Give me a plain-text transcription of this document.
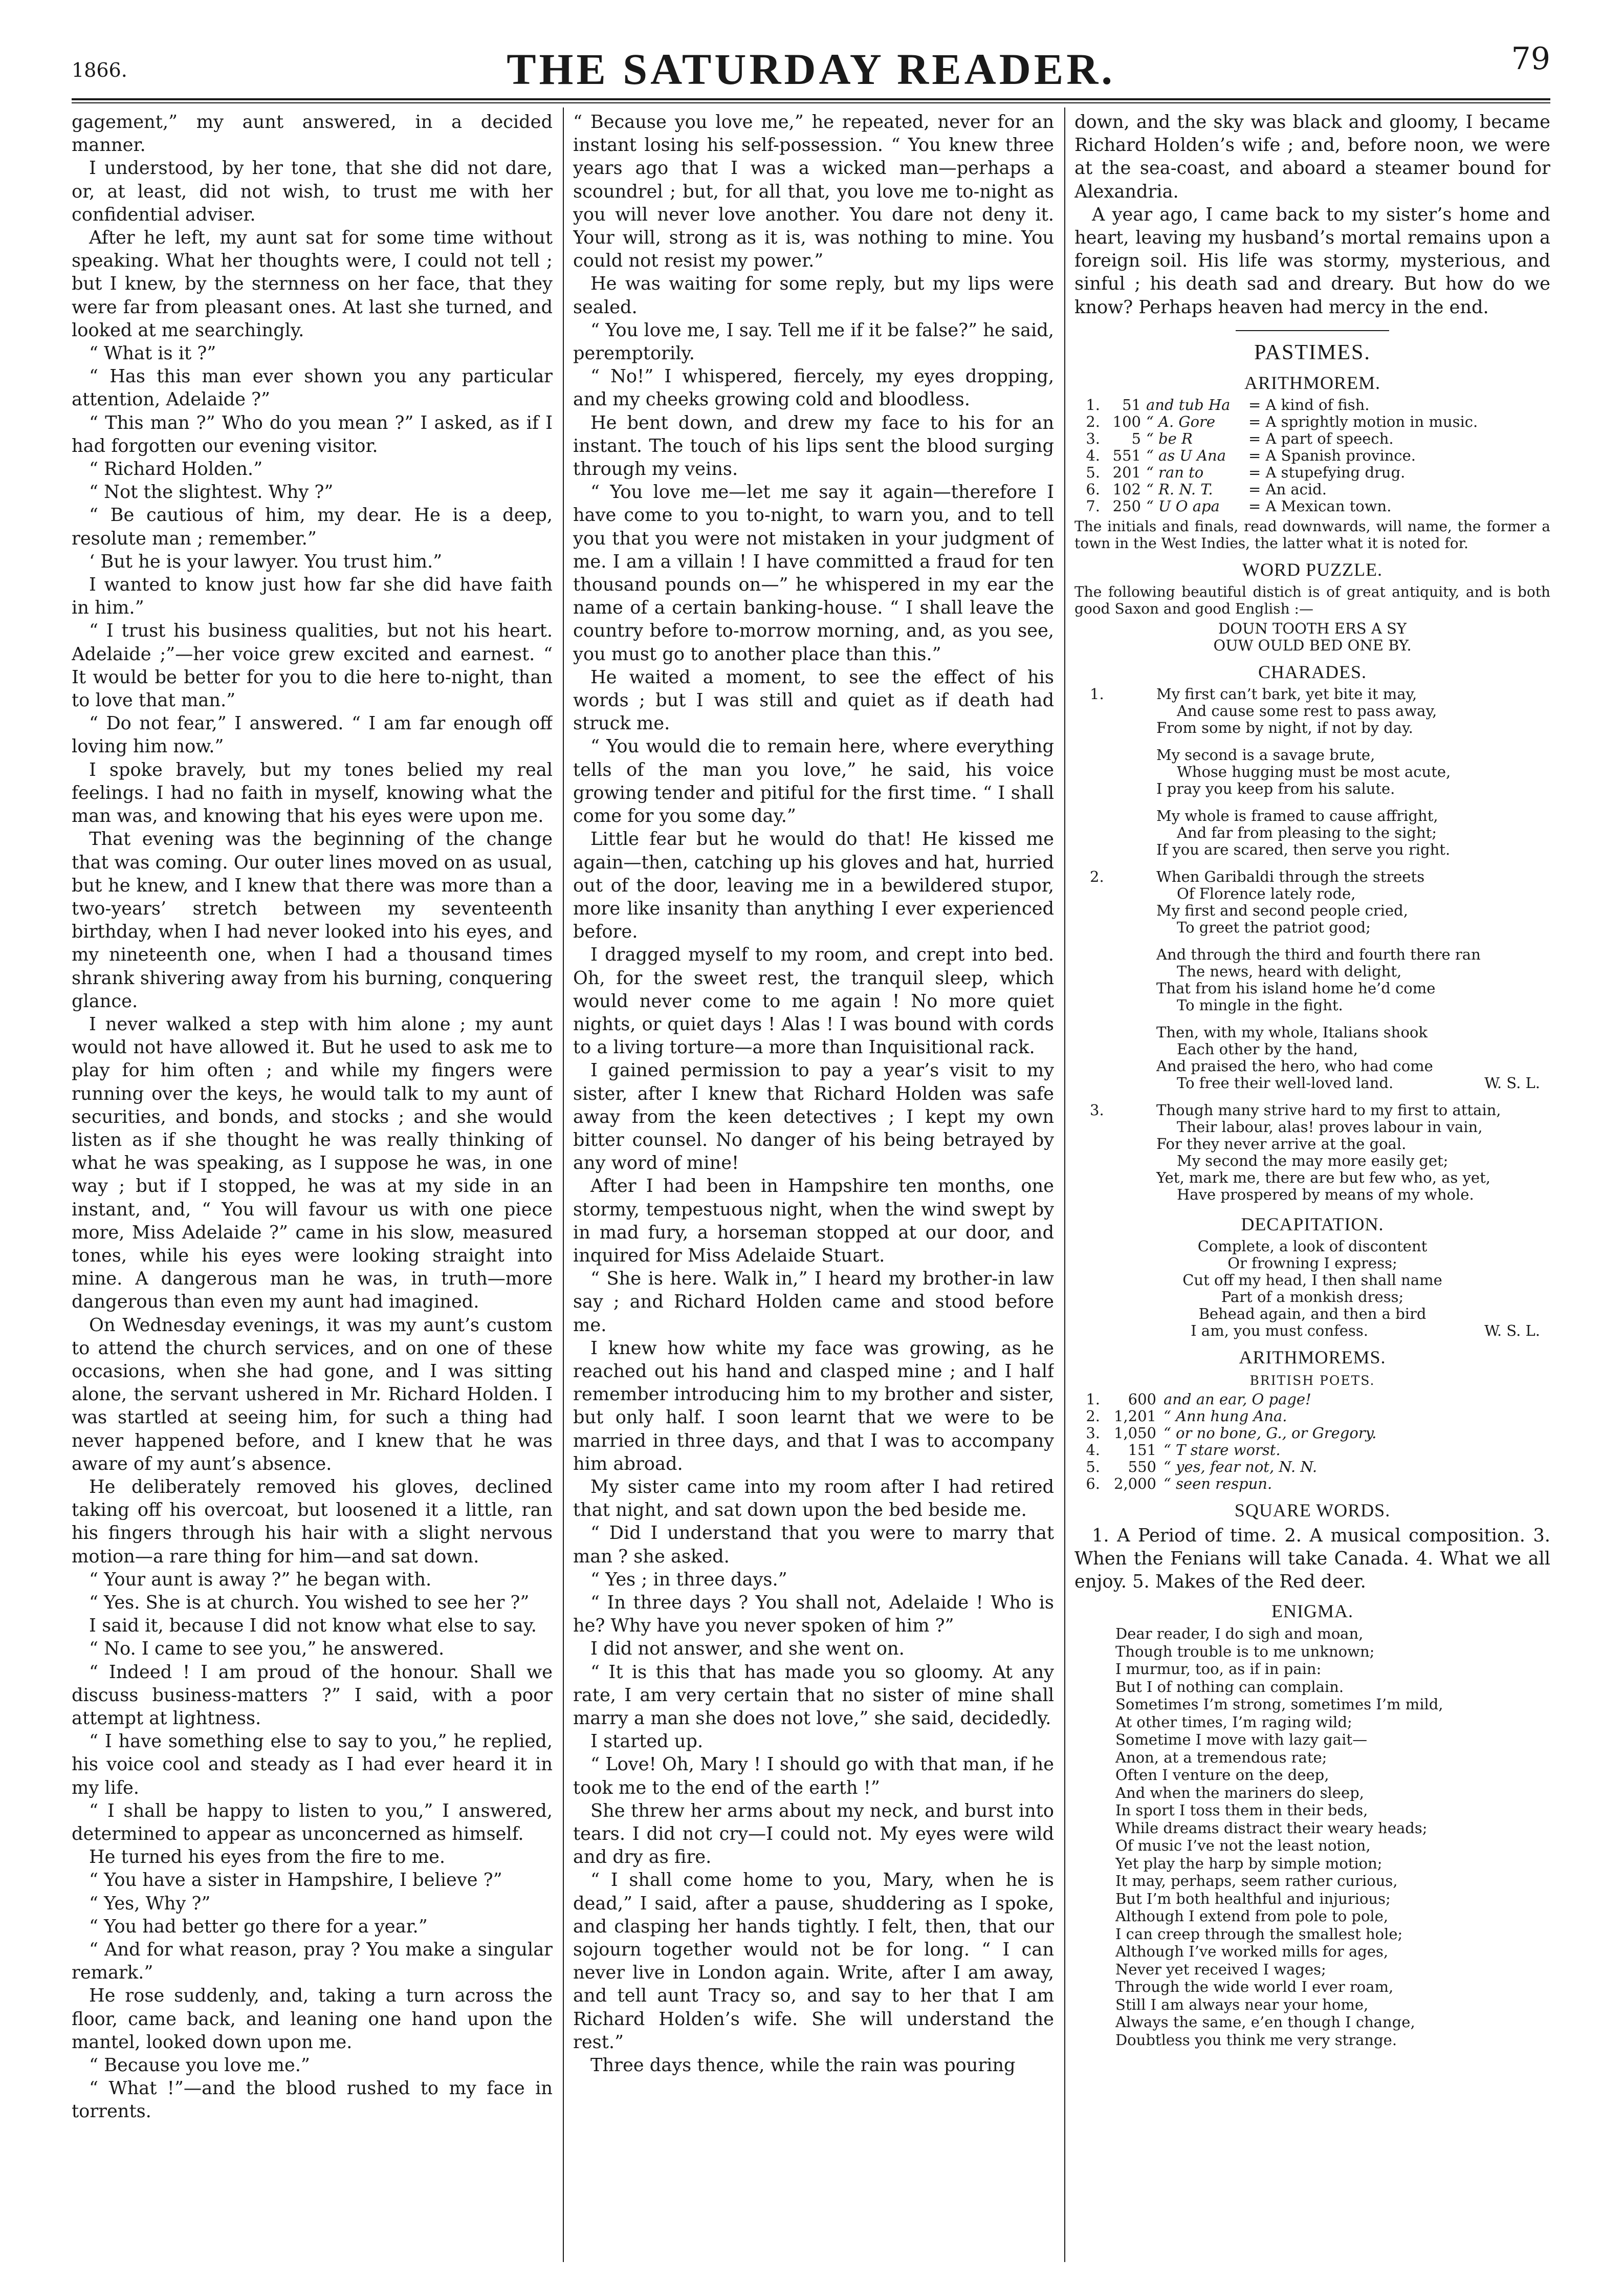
1866.	THE SATURDAY READER.	79

gagement,” my aunt answered, in a decided manner.

I understood, by her tone, that she did not dare, or, at least, did not wish, to trust me with her confidential adviser.

After he left, my aunt sat for some time without speaking. What her thoughts were, I could not tell ; but I knew, by the sternness on her face, that they were far from pleasant ones. At last she turned, and looked at me searchingly.

“ What is it ?”

“ Has this man ever shown you any particular attention, Adelaide ?”

“ This man ?” Who do you mean ?” I asked, as if I had forgotten our evening visitor.

“ Richard Holden.”

“ Not the slightest. Why ?”

“ Be cautious of him, my dear. He is a deep, resolute man ; remember.”

‘ But he is your lawyer. You trust him.”

I wanted to know just how far she did have faith in him.”

“ I trust his business qualities, but not his heart. Adelaide ;”—her voice grew excited and earnest. “ It would be better for you to die here to-night, than to love that man.”

“ Do not fear,” I answered. “ I am far enough off loving him now.”

I spoke bravely, but my tones belied my real feelings. I had no faith in myself, knowing what the man was, and knowing that his eyes were upon me.

That evening was the beginning of the change that was coming. Our outer lines moved on as usual, but he knew, and I knew that there was more than a two-years’ stretch between my seventeenth birthday, when I had never looked into his eyes, and my nineteenth one, when I had a thousand times shrank shivering away from his burning, conquering glance.

I never walked a step with him alone ; my aunt would not have allowed it. But he used to ask me to play for him often ; and while my fingers were running over the keys, he would talk to my aunt of securities, and bonds, and stocks ; and she would listen as if she thought he was really thinking of what he was speaking, as I suppose he was, in one way ; but if I stopped, he was at my side in an instant, and, “ You will favour us with one piece more, Miss Adelaide ?” came in his slow, measured tones, while his eyes were looking straight into mine. A dangerous man he was, in truth—more dangerous than even my aunt had imagined.

On Wednesday evenings, it was my aunt’s custom to attend the church services, and on one of these occasions, when she had gone, and I was sitting alone, the servant ushered in Mr. Richard Holden. I was startled at seeing him, for such a thing had never happened before, and I knew that he was aware of my aunt’s absence.

He deliberately removed his gloves, declined taking off his overcoat, but loosened it a little, ran his fingers through his hair with a slight nervous motion—a rare thing for him—and sat down.

“ Your aunt is away ?” he began with.

“ Yes. She is at church. You wished to see her ?”

I said it, because I did not know what else to say.

“ No. I came to see you,” he answered.

“ Indeed ! I am proud of the honour. Shall we discuss business-matters ?” I said, with a poor attempt at lightness.

“ I have something else to say to you,” he replied, his voice cool and steady as I had ever heard it in my life.

“ I shall be happy to listen to you,” I answered, determined to appear as unconcerned as himself.

He turned his eyes from the fire to me.

“ You have a sister in Hampshire, I believe ?”

“ Yes, Why ?”

“ You had better go there for a year.”

“ And for what reason, pray ? You make a singular remark.”

He rose suddenly, and, taking a turn across the floor, came back, and leaning one hand upon the mantel, looked down upon me.

“ Because you love me.”

“ What !”—and the blood rushed to my face in torrents.

“ Because you love me,” he repeated, never for an instant losing his self-possession. “ You knew three years ago that I was a wicked man—perhaps a scoundrel ; but, for all that, you love me to-night as you will never love another. You dare not deny it. Your will, strong as it is, was nothing to mine. You could not resist my power.”

He was waiting for some reply, but my lips were sealed.

“ You love me, I say. Tell me if it be false?” he said, peremptorily.

“ No!” I whispered, fiercely, my eyes dropping, and my cheeks growing cold and bloodless.

He bent down, and drew my face to his for an instant. The touch of his lips sent the blood surging through my veins.

“ You love me—let me say it again—therefore I have come to you to-night, to warn you, and to tell you that you were not mistaken in your judgment of me. I am a villain ! I have committed a fraud for ten thousand pounds on—” he whispered in my ear the name of a certain banking-house. “ I shall leave the country before to-morrow morning, and, as you see, you must go to another place than this.”

He waited a moment, to see the effect of his words ; but I was still and quiet as if death had struck me.

“ You would die to remain here, where everything tells of the man you love,” he said, his voice growing tender and pitiful for the first time. “ I shall come for you some day.”

Little fear but he would do that! He kissed me again—then, catching up his gloves and hat, hurried out of the door, leaving me in a bewildered stupor, more like insanity than anything I ever experienced before.

I dragged myself to my room, and crept into bed. Oh, for the sweet rest, the tranquil sleep, which would never come to me again ! No more quiet nights, or quiet days ! Alas ! I was bound with cords to a living torture—a more than Inquisitional rack.

I gained permission to pay a year’s visit to my sister, after I knew that Richard Holden was safe away from the keen detectives ; I kept my own bitter counsel. No danger of his being betrayed by any word of mine!

After I had been in Hampshire ten months, one stormy, tempestuous night, when the wind swept by in mad fury, a horseman stopped at our door, and inquired for Miss Adelaide Stuart.

“ She is here. Walk in,” I heard my brother-in law say ; and Richard Holden came and stood before me.

I knew how white my face was growing, as he reached out his hand and clasped mine ; and I half remember introducing him to my brother and sister, but only half. I soon learnt that we were to be married in three days, and that I was to accompany him abroad.

My sister came into my room after I had retired that night, and sat down upon the bed beside me.

“ Did I understand that you were to marry that man ? she asked.

“ Yes ; in three days.”

“ In three days ? You shall not, Adelaide ! Who is he? Why have you never spoken of him ?”

I did not answer, and she went on.

“ It is this that has made you so gloomy. At any rate, I am very certain that no sister of mine shall marry a man she does not love,” she said, decidedly.

I started up.

“ Love! Oh, Mary ! I should go with that man, if he took me to the end of the earth !”

She threw her arms about my neck, and burst into tears. I did not cry—I could not. My eyes were wild and dry as fire.

“ I shall come home to you, Mary, when he is dead,” I said, after a pause, shuddering as I spoke, and clasping her hands tightly. I felt, then, that our sojourn together would not be for long. “ I can never live in London again. Write, after I am away, and tell aunt Tracy so, and say to her that I am Richard Holden’s wife. She will understand the rest.”

Three days thence, while the rain was pouring

down, and the sky was black and gloomy, I became Richard Holden’s wife ; and, before noon, we were at the sea-coast, and aboard a steamer bound for Alexandria.

A year ago, I came back to my sister’s home and heart, leaving my husband’s mortal remains upon a foreign soil. His life was stormy, mysterious, and sinful ; his death sad and dreary. But how do we know? Perhaps heaven had mercy in the end.

PASTIMES.
ARITHMOREM.
1.	51 and tub Ha	= A kind of fish.
2. 100 “ A. Gore	= A sprightly motion in music.
3.	5 “ be R	= A part of speech.
4. 551 “ as U Ana	= A Spanish province.
5. 201 “ ran to	= A stupefying drug.
6. 102 “ R. N. T.	= An acid.
7. 250 “ U O apa	= A Mexican town.
The initials and finals, read downwards, will name, the former a town in the West Indies, the latter what it is noted for.
WORD PUZZLE.
The following beautiful distich is of great antiquity, and is both good Saxon and good English :—
DOUN TOOTH ERS A SY
OUW OULD BED ONE BY.
CHARADES.
1.	My first can’t bark, yet bite it may,
And cause some rest to pass away,
From some by night, if not by day.
My second is a savage brute,
Whose hugging must be most acute,
I pray you keep from his salute.
My whole is framed to cause affright,
And far from pleasing to the sight;
If you are scared, then serve you right.
2.	When Garibaldi through the streets
Of Florence lately rode,
My first and second people cried,
To greet the patriot good;
And through the third and fourth there ran
The news, heard with delight,
That from his island home he’d come
To mingle in the fight.
Then, with my whole, Italians shook
Each other by the hand,
And praised the hero, who had come
To free their well-loved land.	W. S. L.
3.	Though many strive hard to my first to attain,
Their labour, alas! proves labour in vain,
For they never arrive at the goal.
My second the may more easily get;
Yet, mark me, there are but few who, as yet,
Have prospered by means of my whole.
DECAPITATION.
Complete, a look of discontent
Or frowning I express;
Cut off my head, I then shall name
Part of a monkish dress;
Behead again, and then a bird
I am, you must confess.	W. S. L.
ARITHMOREMS.
BRITISH POETS.
1.	600 and an ear, O page!
2. 1,201 “ Ann hung Ana.
3. 1,050 “ or no bone, G., or Gregory.
4.	151 “ T stare worst.
5.	550 “ yes, fear not, N. N.
6. 2,000 “ seen respun.
SQUARE WORDS.

1. A Period of time. 2. A musical composition. 3. When the Fenians will take Canada. 4. What we all enjoy. 5. Makes of the Red deer.

ENIGMA.
Dear reader, I do sigh and moan,
Though trouble is to me unknown;
I murmur, too, as if in pain:
But I of nothing can complain.
Sometimes I’m strong, sometimes I’m mild,
At other times, I’m raging wild;
Sometime I move with lazy gait—
Anon, at a tremendous rate;
Often I venture on the deep,
And when the mariners do sleep,
In sport I toss them in their beds,
While dreams distract their weary heads;
Of music I’ve not the least notion,
Yet play the harp by simple motion;
It may, perhaps, seem rather curious,
But I’m both healthful and injurious;
Although I extend from pole to pole,
I can creep through the smallest hole;
Although I’ve worked mills for ages,
Never yet received I wages;
Through the wide world I ever roam,
Still I am always near your home,
Always the same, e’en though I change,
Doubtless you think me very strange.
